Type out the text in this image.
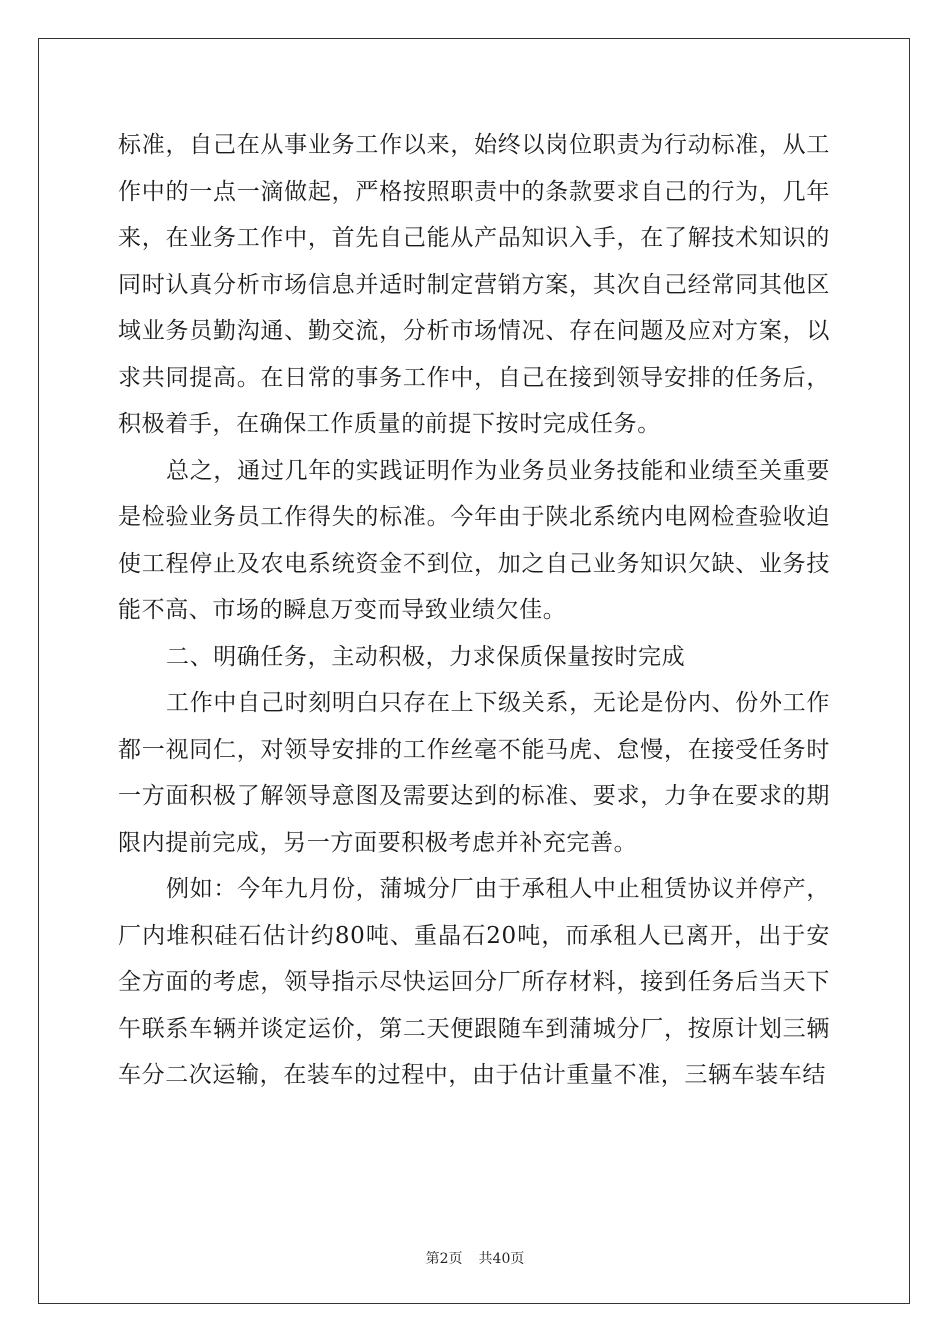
标准，自己在从事业务工作以来，始终以岗位职责为行动标准，从工作中的一点一滴做起，严格按照职责中的条款要求自己的行为，几年来，在业务工作中，首先自己能从产品知识入手，在了解技术知识的同时认真分析市场信息并适时制定营销方案，其次自己经常同其他区域业务员勤沟通、勤交流，分析市场情况、存在问题及应对方案，以求共同提高。在日常的事务工作中，自己在接到领导安排的任务后，积极着手，在确保工作质量的前提下按时完成任务。

总之，通过几年的实践证明作为业务员业务技能和业绩至关重要是检验业务员工作得失的标准。今年由于陕北系统内电网检查验收迫使工程停止及农电系统资金不到位，加之自己业务知识欠缺、业务技能不高、市场的瞬息万变而导致业绩欠佳。

二、明确任务，主动积极，力求保质保量按时完成

工作中自己时刻明白只存在上下级关系，无论是份内、份外工作都一视同仁，对领导安排的工作丝毫不能马虎、怠慢，在接受任务时一方面积极了解领导意图及需要达到的标准、要求，力争在要求的期限内提前完成，另一方面要积极考虑并补充完善。

例如：今年九月份，蒲城分厂由于承租人中止租赁协议并停产，厂内堆积硅石估计约80吨、重晶石20吨，而承租人已离开，出于安全方面的考虑，领导指示尽快运回分厂所存材料，接到任务后当天下午联系车辆并谈定运价，第二天便跟随车到蒲城分厂，按原计划三辆车分二次运输，在装车的过程中，由于估计重量不准，三辆车装车结

第2页 共40页
